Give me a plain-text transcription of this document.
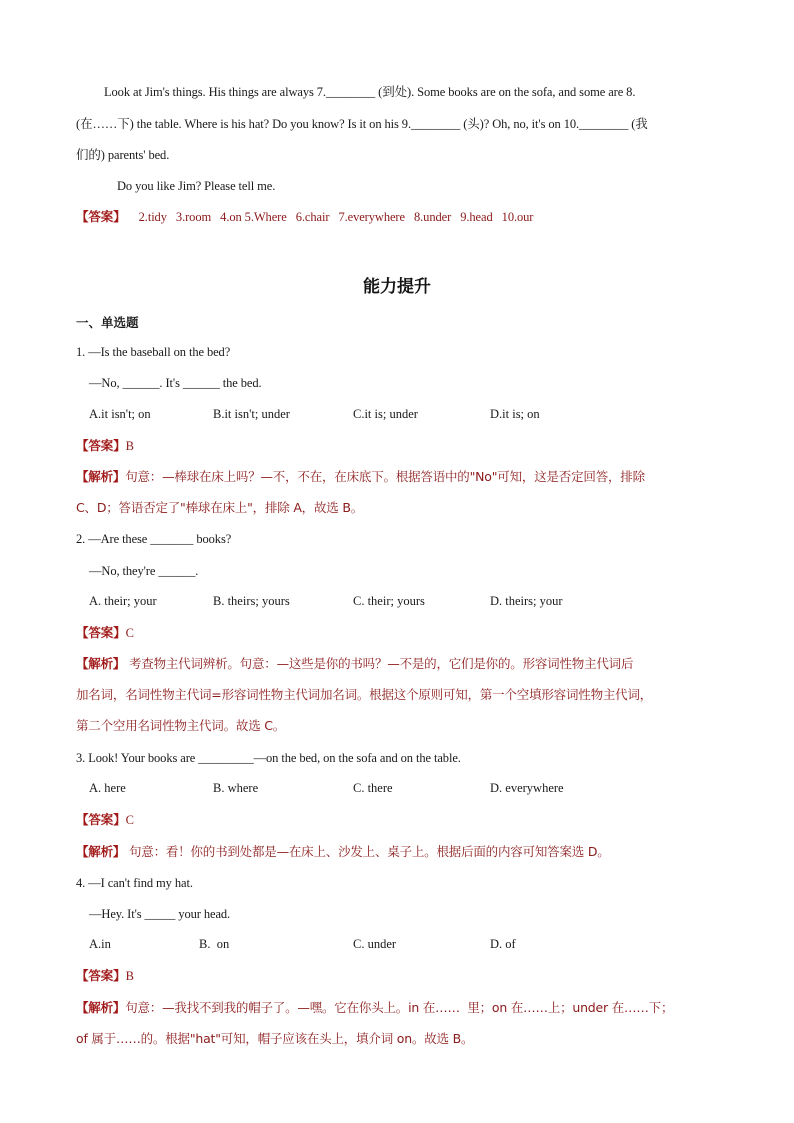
Look at Jim's things. His things are always 7.________ (到处). Some books are on the sofa, and some are 8.
(在……下) the table. Where is his hat? Do you know? Is it on his 9.________ (头)? Oh, no, it's on 10.________ (我
们的) parents' bed.
Do you like Jim? Please tell me.
【答案】 2.tidy   3.room   4.on 5.Where   6.chair   7.everywhere   8.under   9.head   10.our
能力提升
一、单选题
1. —Is the baseball on the bed?
—No, ______. It's ______ the bed.
A.it isn't; on	B.it isn't; under	C.it is; under	D.it is; on
【答案】B
【解析】句意：—棒球在床上吗？—不，不在，在床底下。根据答语中的"No"可知，这是否定回答，排除
C、D；答语否定了"棒球在床上"，排除 A，故选 B。
2. —Are these _______ books?
—No, they're ______.
A. their; your	B. theirs; yours	C. their; yours	D. theirs; your
【答案】C
【解析】 考查物主代词辨析。句意：—这些是你的书吗？—不是的，它们是你的。形容词性物主代词后
加名词，名词性物主代词=形容词性物主代词加名词。根据这个原则可知，第一个空填形容词性物主代词，
第二个空用名词性物主代词。故选 C。
3. Look! Your books are _________—on the bed, on the sofa and on the table.
A. here	B. where	C. there	D. everywhere
【答案】C
【解析】 句意：看！你的书到处都是—在床上、沙发上、桌子上。根据后面的内容可知答案选 D。
4. —I can't find my hat.
—Hey. It's _____ your head.
A.in	B.  on	C. under	D. of
【答案】B
【解析】句意：—我找不到我的帽子了。—嘿。它在你头上。in 在……  里；on 在……上；under 在……下；
of 属于……的。根据"hat"可知，帽子应该在头上，填介词 on。故选 B。
